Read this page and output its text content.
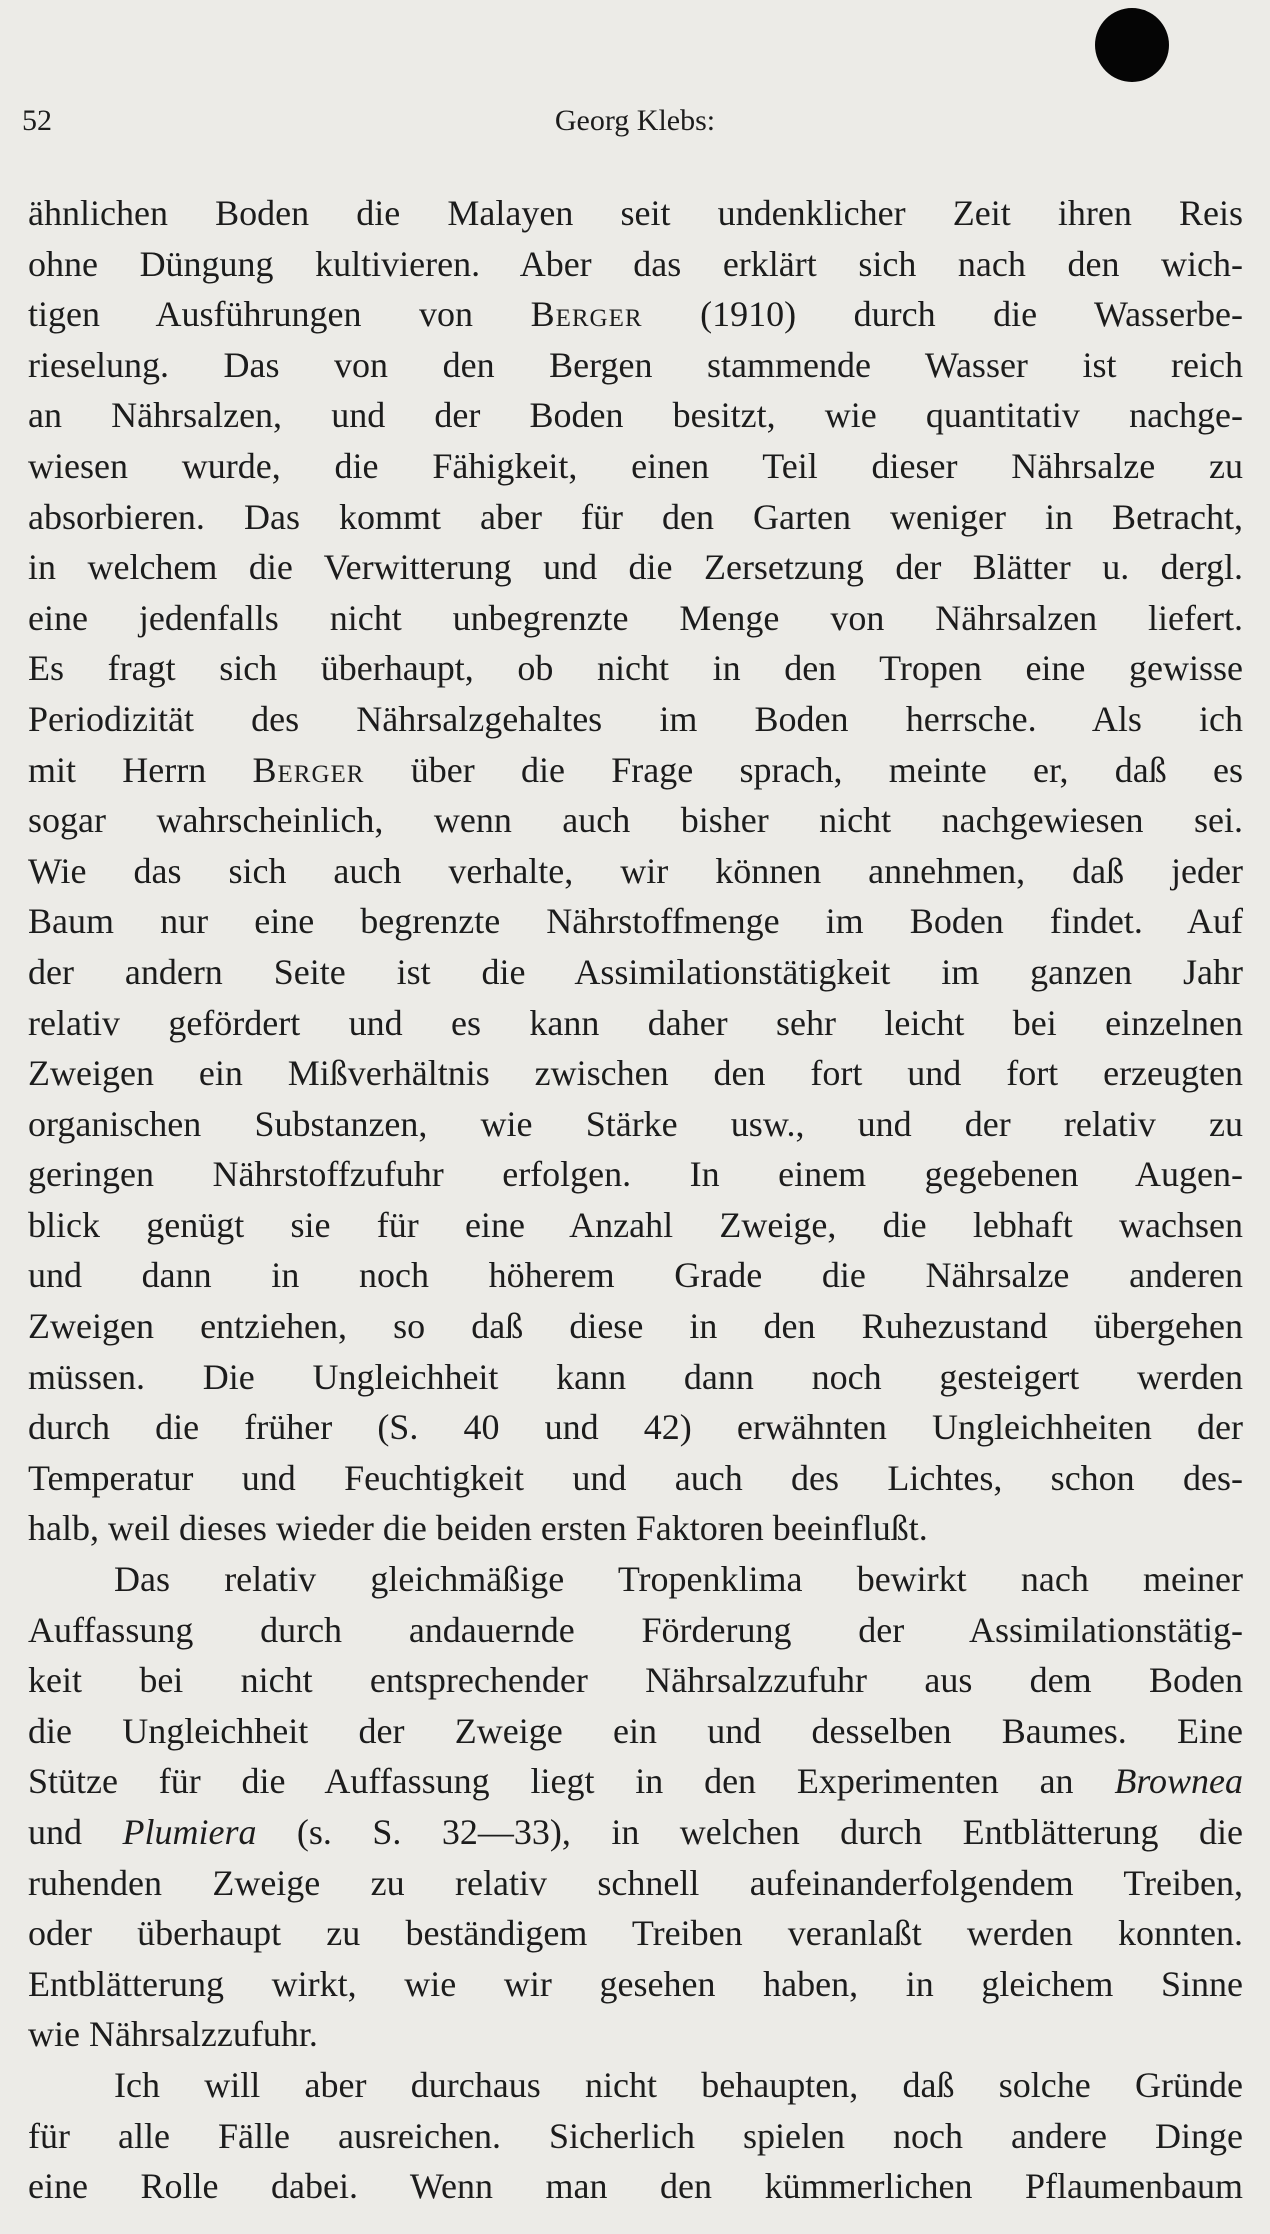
52	Georg Klebs:
ähnlichen Boden die Malayen seit undenklicher Zeit ihren Reis
ohne Düngung kultivieren. Aber das erklärt sich nach den wich-
tigen Ausführungen von Berger (1910) durch die Wasserbe-
rieselung. Das von den Bergen stammende Wasser ist reich
an Nährsalzen, und der Boden besitzt, wie quantitativ nachge-
wiesen wurde, die Fähigkeit, einen Teil dieser Nährsalze zu
absorbieren. Das kommt aber für den Garten weniger in Betracht,
in welchem die Verwitterung und die Zersetzung der Blätter u. dergl.
eine jedenfalls nicht unbegrenzte Menge von Nährsalzen liefert.
Es fragt sich überhaupt, ob nicht in den Tropen eine gewisse
Periodizität des Nährsalzgehaltes im Boden herrsche. Als ich
mit Herrn Berger über die Frage sprach, meinte er, daß es
sogar wahrscheinlich, wenn auch bisher nicht nachgewiesen sei.
Wie das sich auch verhalte, wir können annehmen, daß jeder
Baum nur eine begrenzte Nährstoffmenge im Boden findet. Auf
der andern Seite ist die Assimilationstätigkeit im ganzen Jahr
relativ gefördert und es kann daher sehr leicht bei einzelnen
Zweigen ein Mißverhältnis zwischen den fort und fort erzeugten
organischen Substanzen, wie Stärke usw., und der relativ zu
geringen Nährstoffzufuhr erfolgen. In einem gegebenen Augen-
blick genügt sie für eine Anzahl Zweige, die lebhaft wachsen
und dann in noch höherem Grade die Nährsalze anderen
Zweigen entziehen, so daß diese in den Ruhezustand übergehen
müssen. Die Ungleichheit kann dann noch gesteigert werden
durch die früher (S. 40 und 42) erwähnten Ungleichheiten der
Temperatur und Feuchtigkeit und auch des Lichtes, schon des-
halb, weil dieses wieder die beiden ersten Faktoren beeinflußt.
Das relativ gleichmäßige Tropenklima bewirkt nach meiner
Auffassung durch andauernde Förderung der Assimilationstätig-
keit bei nicht entsprechender Nährsalzzufuhr aus dem Boden
die Ungleichheit der Zweige ein und desselben Baumes. Eine
Stütze für die Auffassung liegt in den Experimenten an Brownea
und Plumiera (s. S. 32—33), in welchen durch Entblätterung die
ruhenden Zweige zu relativ schnell aufeinanderfolgendem Treiben,
oder überhaupt zu beständigem Treiben veranlaßt werden konnten.
Entblätterung wirkt, wie wir gesehen haben, in gleichem Sinne
wie Nährsalzzufuhr.
Ich will aber durchaus nicht behaupten, daß solche Gründe
für alle Fälle ausreichen. Sicherlich spielen noch andere Dinge
eine Rolle dabei. Wenn man den kümmerlichen Pflaumenbaum
